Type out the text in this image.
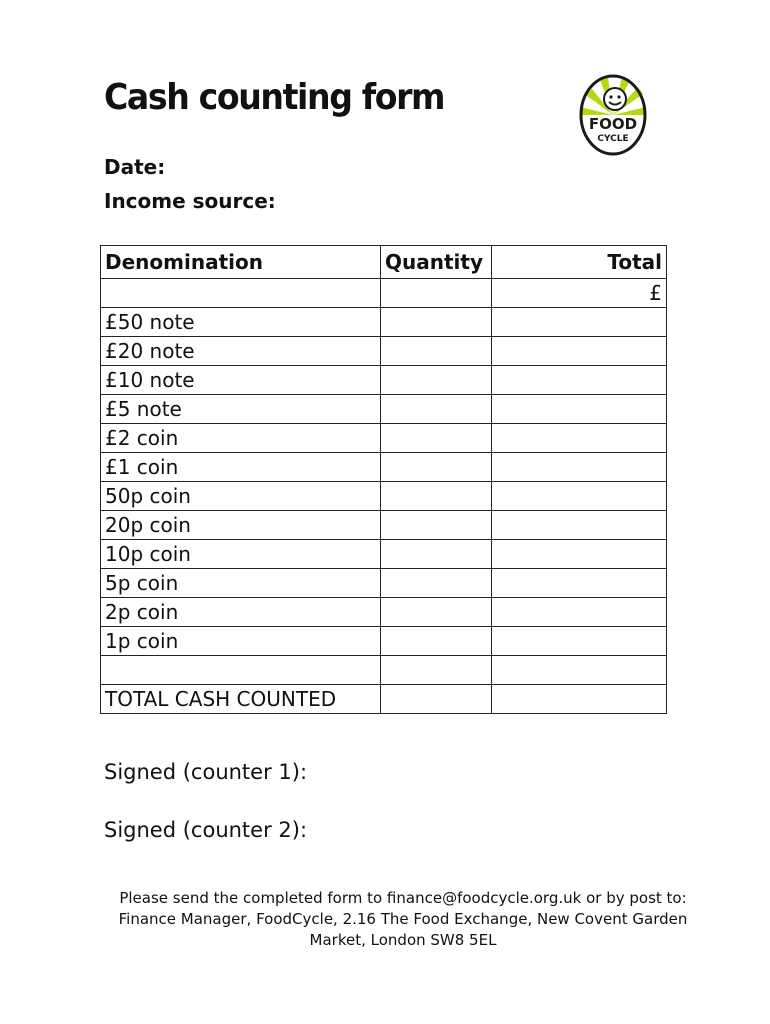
Cash counting form
FOOD
CYCLE
Date:
Income source:
Denomination	Quantity	Total
		£
£50 note		
£20 note		
£10 note		
£5 note		
£2 coin		
£1 coin		
50p coin		
20p coin		
10p coin		
5p coin		
2p coin		
1p coin		

TOTAL CASH COUNTED		
Signed (counter 1):
Signed (counter 2):
Please send the completed form to finance@foodcycle.org.uk or by post to:
Finance Manager, FoodCycle, 2.16 The Food Exchange, New Covent Garden
Market, London SW8 5EL
